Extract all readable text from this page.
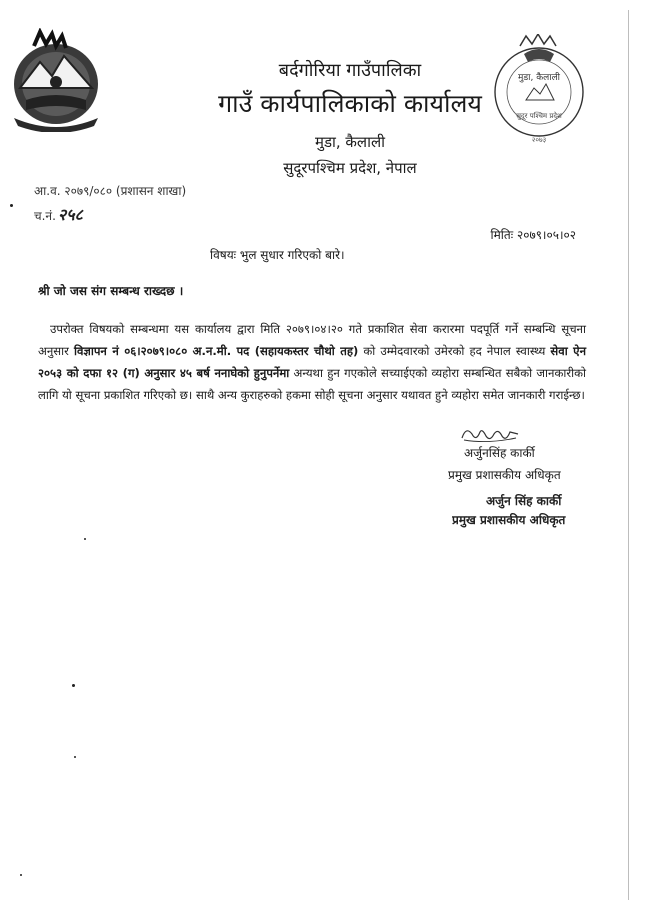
बर्दगोरिया गाउँपालिका
गाउँ कार्यपालिकाको कार्यालय
मुडा, कैलाली
सुदूरपश्चिम प्रदेश, नेपाल
मुडा, कैलाली
सुदूर पश्चिम प्रदेश
२०७३
आ.व. २०७९/०८० (प्रशासन शाखा)
च.नं. २५८
मितिः २०७९।०५।०२
विषयः भुल सुधार गरिएको बारे।
श्री जो जस संग सम्बन्ध राख्दछ ।
उपरोक्त विषयको सम्बन्धमा यस कार्यालय द्वारा मिति २०७९।०४।२० गते प्रकाशित सेवा करारमा पदपूर्ति गर्ने सम्बन्धि सूचना अनुसार विज्ञापन नं ०६।२०७९।०८० अ.न.मी. पद (सहायकस्तर चौथो तह) को उम्मेदवारको उमेरको हद नेपाल स्वास्थ्य सेवा ऐन २०५३ को दफा १२ (ग) अनुसार ४५ बर्ष ननाघेको हुनुपर्नेमा अन्यथा हुन गएकोले सच्याईएको व्यहोरा सम्बन्धित सबैको जानकारीको लागि यो सूचना प्रकाशित गरिएको छ। साथै अन्य कुराहरुको हकमा सोही सूचना अनुसार यथावत हुने व्यहोरा समेत जानकारी गराईन्छ।
अर्जुनसिंह कार्की
प्रमुख प्रशासकीय अधिकृत
अर्जुन सिंह कार्की
प्रमुख प्रशासकीय अधिकृत
